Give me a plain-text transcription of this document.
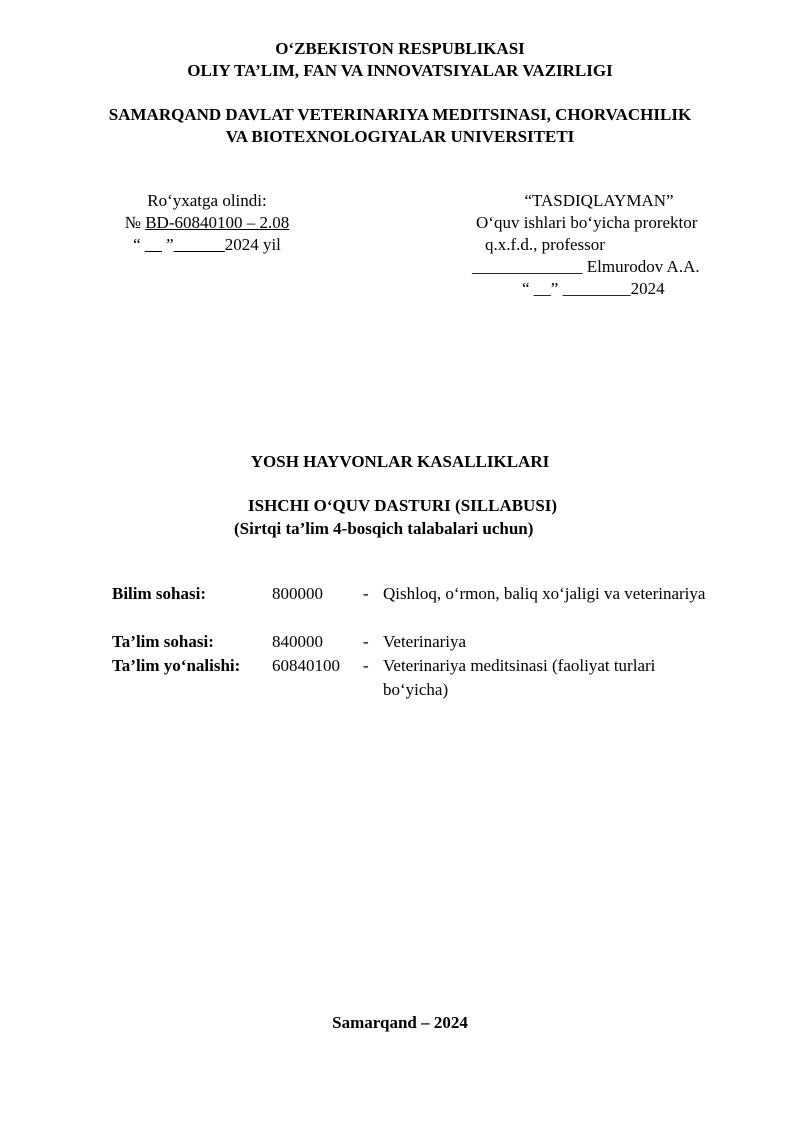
O‘ZBEKISTON RESPUBLIKASI
OLIY TA’LIM, FAN VA INNOVATSIYALAR VAZIRLIGI
SAMARQAND DAVLAT VETERINARIYA MEDITSINASI, CHORVACHILIK
VA BIOTEXNOLOGIYALAR UNIVERSITETI
Ro‘yxatga olindi:
№ BD-60840100 – 2.08
“ __ ”______2024 yil
“TASDIQLAYMAN”
O‘quv ishlari bo‘yicha prorektor
q.x.f.d., professor
_____________ Elmurodov A.A.
“ __” ________2024
YOSH HAYVONLAR KASALLIKLARI
ISHCHI O‘QUV DASTURI (SILLABUSI)
(Sirtqi ta’lim 4-bosqich talabalari uchun)
Bilim sohasi:	800000 - Qishloq, o‘rmon, baliq xo‘jaligi va veterinariya
Ta’lim sohasi:	840000 - Veterinariya
Ta’lim yo‘nalishi: 60840100 - Veterinariya meditsinasi (faoliyat turlari bo‘yicha)
Samarqand – 2024
